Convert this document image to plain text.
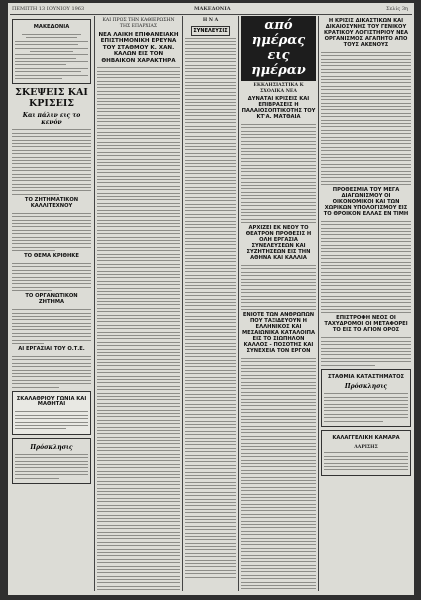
ΠΕΜΠΤΗ 13 ΙΟΥΝΙΟΥ 1963	ΜΑΚΕΔΟΝΙΑ	Σελίς 3η
ΜΑΚΕΔΟΝΙΑ
ΣΚΕΨΕΙΣ ΚΑΙ ΚΡΙΣΕΙΣ
Και πάλιν εις το κενόν
ΤΟ ΖΗΤΗΜΑΤΙΚΟΝ ΚΑΛΛΙΤΕΧΝΟΥ
ΤΟ ΘΕΜΑ ΚΡΙΘΗΚΕ
ΤΟ ΟΡΓΑΝΩΤΙΚΟΝ ΖΗΤΗΜΑ
ΑΙ ΕΡΓΑΣΙΑΙ ΤΟΥ Ο.Τ.Ε.
ΣΚΑΛΑΘΡΙΟΥ ΓΩΝΙΑ ΚΑΙ ΜΑΘΗΤΑΙ
Πρόσκλησις
ΚΑΙ ΠΡΟΣ ΤΗΝ ΚΑΘΙΕΡΩΣΗΝ ΤΗΣ ΕΠΑΡΧΙΑΣ
ΝΕΑ ΛΑΙΚΗ ΕΠΙΦΑΝΕΙΑΚΗ ΕΠΙΣΤΗΜΟΝΙΚΗ ΕΡΕΥΝΑ ΤΟΥ ΣΤΑΘΜΟΥ Κ. ΧΑΝ. ΚΑΛΩΝ ΕΙΣ ΤΟΝ ΘΗΒΑΙΚΟΝ ΧΑΡΑΚΤΗΡΑ
Η Ν Α
ΣΥΝΕΛΕΥΣΙΣ	από ημέρας εις ημέραν
ΕΚΚΛΗΣΙΑΣΤΙΚΑ Κ ΣΧΟΛΙΚΑ ΝΕΑ
ΔΥΝΑΤΑΙ ΚΡΙΣΕΙΣ ΚΑΙ ΕΠΙΒΡΑΣΕΙΣ Η ΠΑΛΑΙΟΣΟΠΤΙΚΟΤΗΣ ΤΟΥ ΚΤ'Α. ΜΑΤΘΑΙΑ
ΑΡΧΙΖΕΙ ΕΚ ΝΕΟΥ ΤΟ ΘΕΑΤΡΟΝ ΠΡΟΘΕΣΙΣ Η ΟΛΗ ΕΡΓΑΣΙΑ ΣΥΝΕΛΕΥΣΕΩΝ ΚΑΙ ΣΥΖΗΤΗΣΕΩΝ ΕΙΣ ΤΗΝ ΑΘΗΝΑ ΚΑΙ ΚΑΛΛΙΑ
ΕΝΙΟΤΕ ΤΩΝ ΑΝΘΡΩΠΩΝ ΠΟΥ ΤΑΞΙΔΕΥΟΥΝ Η ΕΛΛΗΝΙΚΟΣ ΚΑΙ ΜΕΣΑΙΩΝΙΚΑ ΚΑΤΑΛΟΙΠΑ ΕΙΣ ΤΟ ΣΙΩΠΗΛΟΝ ΚΑΛΛΟΣ - ΠΟΣΟΤΗΣ ΚΑΙ ΣΥΝΕΧΕΙΑ ΤΟΝ ΕΡΓΟΝ
Η ΚΡΙΣΙΣ ΔΙΚΑΣΤΙΚΩΝ ΚΑΙ ΔΙΚΑΙΟΣΥΝΗΣ ΤΟΥ ΓΕΝΙΚΟΥ ΚΡΑΤΙΚΟΥ ΛΟΓΙΣΤΗΡΙΟΥ ΝΕΑ ΟΡΓΑΝΙΣΜΟΣ ΑΓΑΠΗΤΟ ΑΠΟ ΤΟΥΣ ΑΚΕΝΟΥΣ
ΠΡΟΘΕΣΜΙΑ ΤΟΥ ΜΕΓΑ ΔΙΑΓΩΝΙΣΜΟΥ ΟΙ ΟΙΚΟΝΟΜΙΚΟΙ ΚΑΙ ΤΩΝ ΧΩΡΙΚΩΝ ΥΠΟΛΟΓΙΣΜΟΥ ΕΙΣ ΤΟ ΘΡΟΙΚΟΝ ΕΛΛΑΣ ΕΝ ΤΙΜΗ
ΕΠΙΣΤΡΟΦΗ ΝΕΟΣ ΟΙ ΤΑΧΥΔΡΟΜΟΙ ΟΙ ΜΕΤΑΦΟΡΕΙ ΤΟ ΕΙΣ ΤΟ ΑΓΙΟΝ ΟΡΟΣ
ΣΤΑΘΜΙΑ ΚΑΤΑΣΤΗΜΑΤΟΣ
Πρόσκλησις
ΚΑΛΑΓΓΕΛΙΚΗ ΚΑΜΑΡΑ
ΛΑΡΙΣΗΣ
